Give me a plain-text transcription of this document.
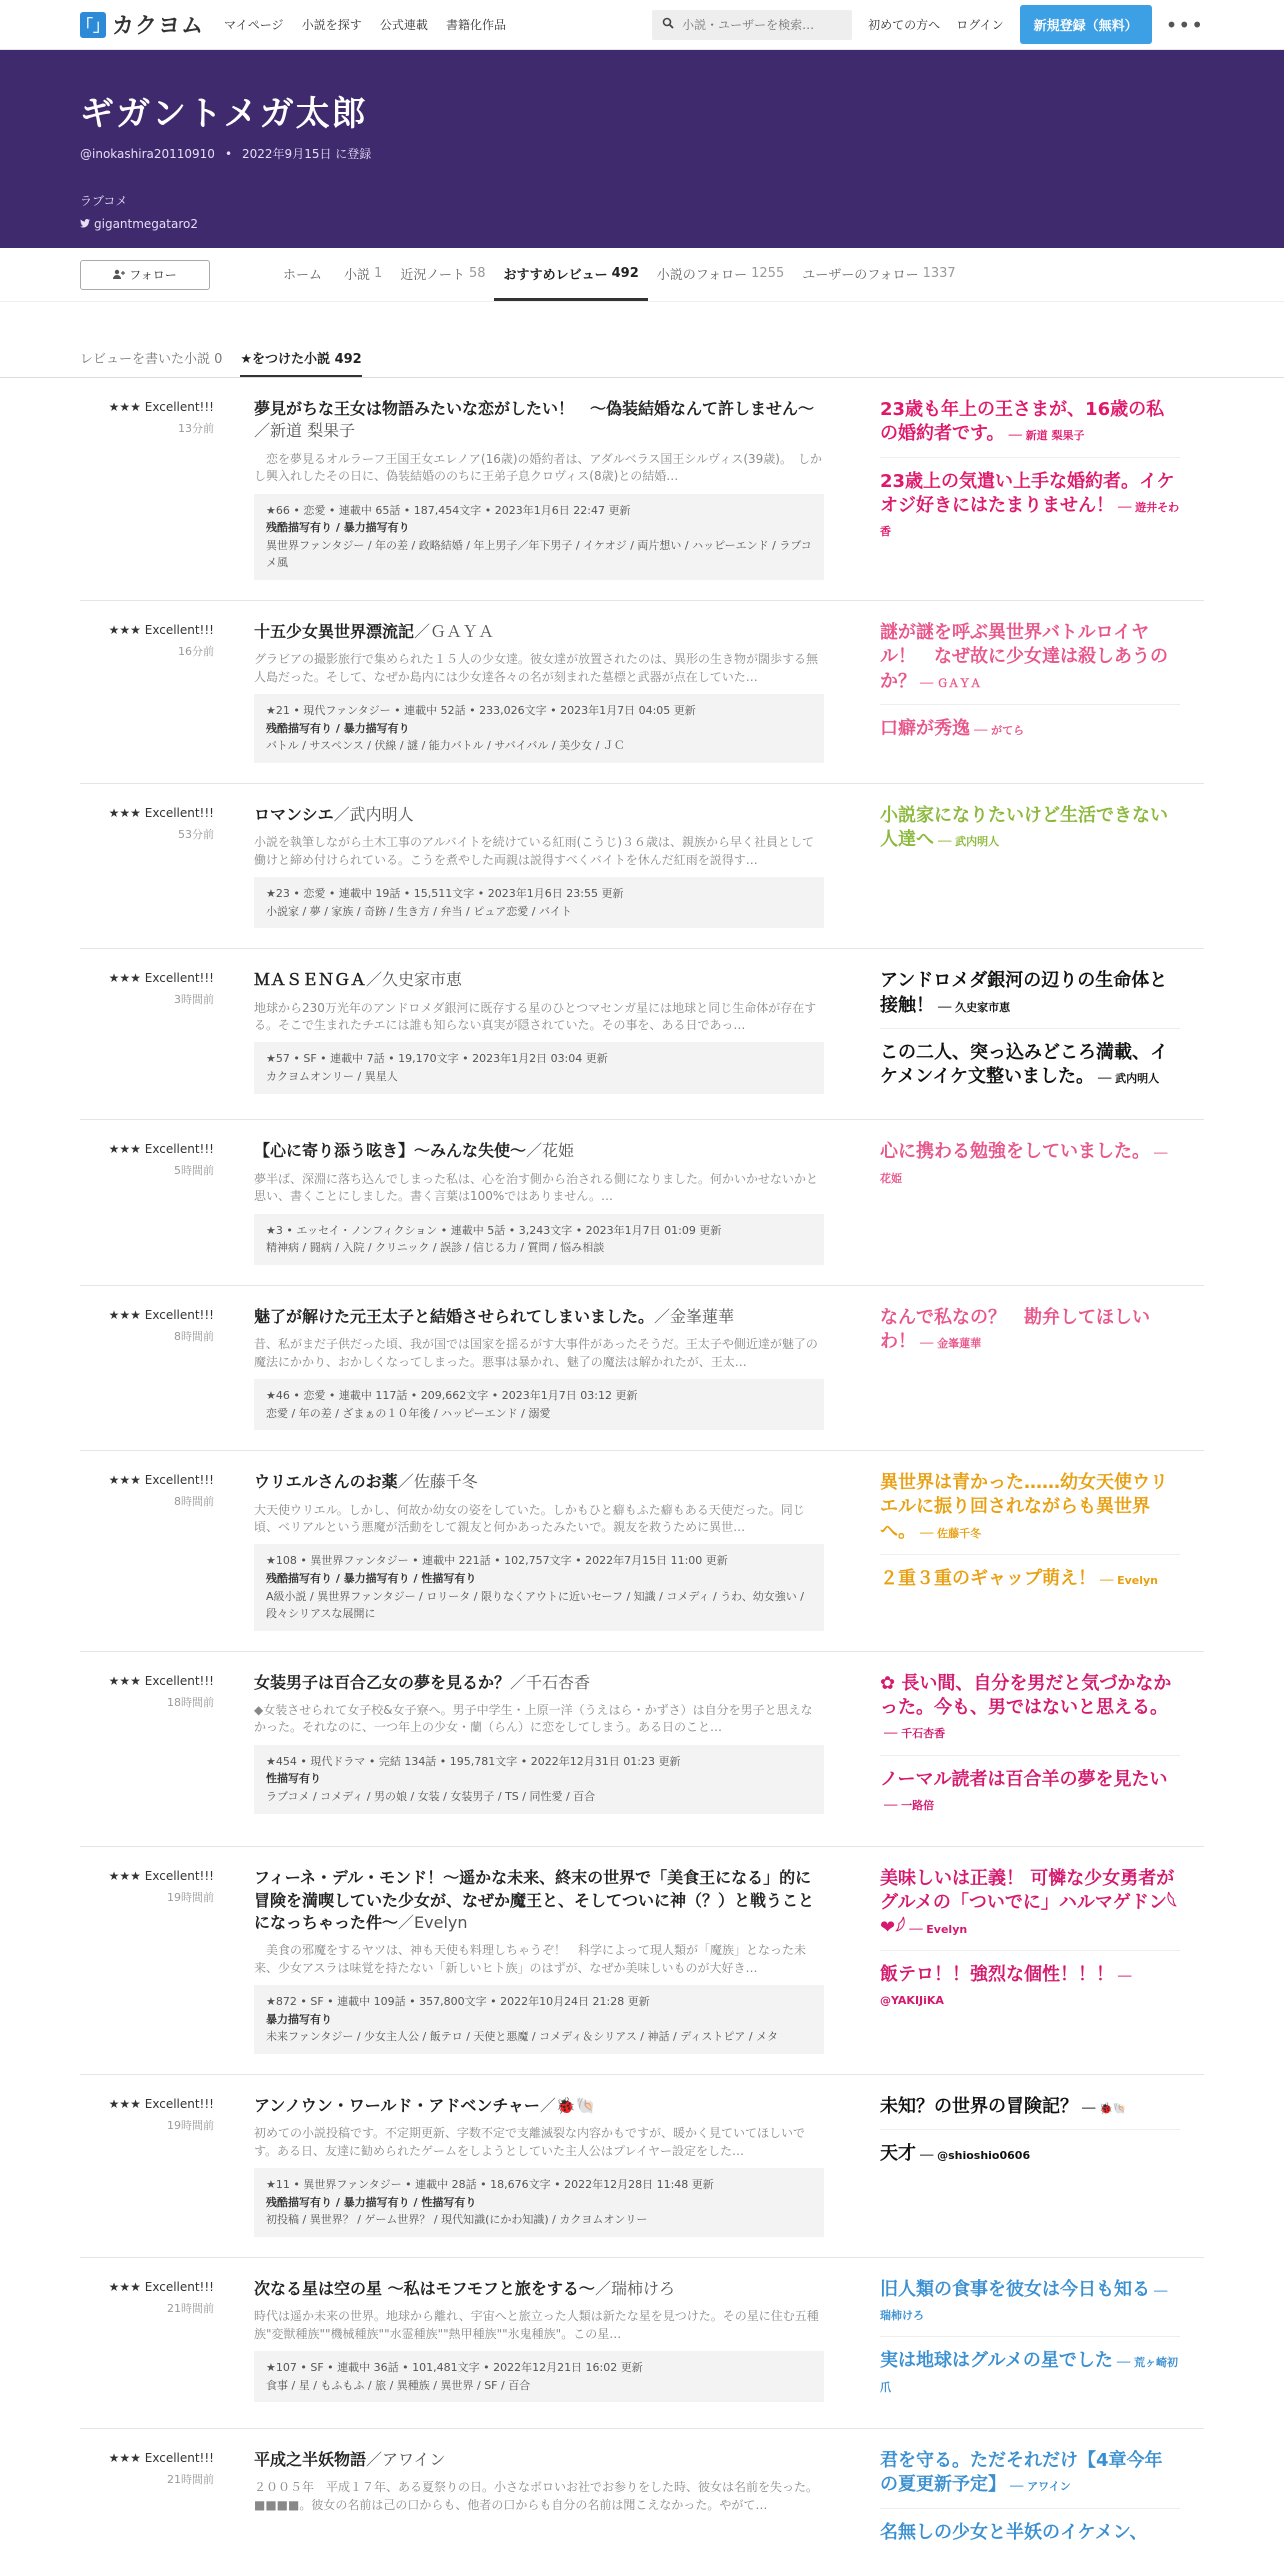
「」 カクヨム マイページ 小説を探す 公式連載 書籍化作品
小説・ユーザーを検索…	初めての方へ ログイン	新規登録（無料）	•••
ギガントメガ太郎
@inokashira20110910 • 2022年9月15日 に登録
ラブコメ
gigantmegataro2
フォロー	ホーム 小説 1 近況ノート 58 おすすめレビュー 492 小説のフォロー 1255 ユーザーのフォロー 1337
レビューを書いた小説 0 ★をつけた小説 492
★★★ Excellent!!!
13分前
夢見がちな王女は物語みたいな恋がしたい！　～偽装結婚なんて許しません～／新道 梨果子
　恋を夢見るオルラーフ王国王女エレノア(16歳)の婚約者は、アダルベラス国王シルヴィス(39歳)。　しかし興入れしたその日に、偽装結婚ののちに王弟子息クロヴィス(8歳)との結婚…
★66 • 恋愛 • 連載中 65話 • 187,454文字 • 2023年1月6日 22:47 更新
残酷描写有り / 暴力描写有り
異世界ファンタジー / 年の差 / 政略結婚 / 年上男子／年下男子 / イケオジ / 両片想い / ハッピーエンド / ラブコメ風
23歳も年上の王さまが、16歳の私の婚約者です。 ── 新道 梨果子
23歳上の気遣い上手な婚約者。イケオジ好きにはたまりません！ ── 遊井そわ香
★★★ Excellent!!!
16分前
十五少女異世界漂流記／ＧＡＹＡ
グラビアの撮影旅行で集められた１５人の少女達。彼女達が放置されたのは、異形の生き物が闊歩する無人島だった。そして、なぜか島内には少女達各々の名が刻まれた墓標と武器が点在していた…
★21 • 現代ファンタジー • 連載中 52話 • 233,026文字 • 2023年1月7日 04:05 更新
残酷描写有り / 暴力描写有り
バトル / サスペンス / 伏線 / 謎 / 能力バトル / サバイバル / 美少女 / ＪＣ
謎が謎を呼ぶ異世界バトルロイヤル！　なぜ故に少女達は殺しあうのか？ ── ＧＡＹＡ
口癖が秀逸 ── がてら
★★★ Excellent!!!
53分前
ロマンシエ／武内明人
小説を執筆しながら土木工事のアルバイトを続けている紅雨(こうじ)３６歳は、親族から早く社員として働けと締め付けられている。こうを煮やした両親は説得すべくバイトを休んだ紅雨を説得す…
★23 • 恋愛 • 連載中 19話 • 15,511文字 • 2023年1月6日 23:55 更新
小説家 / 夢 / 家族 / 奇跡 / 生き方 / 弁当 / ピュア恋愛 / バイト
小説家になりたいけど生活できない人達へ ── 武内明人
★★★ Excellent!!!
3時間前
ＭＡＳＥＮＧＡ／久史家市恵
地球から230万光年のアンドロメダ銀河に既存する星のひとつマセンガ星には地球と同じ生命体が存在する。そこで生まれたチエには誰も知らない真実が隠されていた。その事を、ある日であっ…
★57 • SF • 連載中 7話 • 19,170文字 • 2023年1月2日 03:04 更新
カクヨムオンリー / 異星人
アンドロメダ銀河の辺りの生命体と接触！ ── 久史家市恵
この二人、突っ込みどころ満載、イケメンイケ文整いました。 ── 武内明人
★★★ Excellent!!!
5時間前
【心に寄り添う呟き】～みんな失使～／花姫
夢半ば、深淵に落ち込んでしまった私は、心を治す側から治される側になりました。何かいかせないかと思い、書くことにしました。書く言葉は100%ではありません。…
★3 • エッセイ・ノンフィクション • 連載中 5話 • 3,243文字 • 2023年1月7日 01:09 更新
精神病 / 闘病 / 入院 / クリニック / 誤診 / 信じる力 / 質問 / 悩み相談
心に携わる勉強をしていました。 ── 花姫
★★★ Excellent!!!
8時間前
魅了が解けた元王太子と結婚させられてしまいました。／金峯蓮華
昔、私がまだ子供だった頃、我が国では国家を揺るがす大事件があったそうだ。王太子や側近達が魅了の魔法にかかり、おかしくなってしまった。悪事は暴かれ、魅了の魔法は解かれたが、王太…
★46 • 恋愛 • 連載中 117話 • 209,662文字 • 2023年1月7日 03:12 更新
恋愛 / 年の差 / ざまぁの１０年後 / ハッピーエンド / 溺愛
なんで私なの？　勘弁してほしいわ！ ── 金峯蓮華
★★★ Excellent!!!
8時間前
ウリエルさんのお薬／佐藤千冬
大天使ウリエル。しかし、何故か幼女の姿をしていた。しかもひと癖もふた癖もある天使だった。同じ頃、ベリアルという悪魔が活動をして親友と何かあったみたいで。親友を救うために異世…
★108 • 異世界ファンタジー • 連載中 221話 • 102,757文字 • 2022年7月15日 11:00 更新
残酷描写有り / 暴力描写有り / 性描写有り
A級小説 / 異世界ファンタジー / ロリータ / 限りなくアウトに近いセーフ / 知識 / コメディ / うわ、幼女強い / 段々シリアスな展開に
異世界は青かった……幼女天使ウリエルに振り回されながらも異世界へ。 ── 佐藤千冬
２重３重のギャップ萌え！ ── Evelyn
★★★ Excellent!!!
18時間前
女装男子は百合乙女の夢を見るか？／千石杏香
◆女装させられて女子校&女子寮へ。男子中学生・上原一洋（うえはら・かずさ）は自分を男子と思えなかった。それなのに、一つ年上の少女・蘭（らん）に恋をしてしまう。ある日のこと…
★454 • 現代ドラマ • 完結 134話 • 195,781文字 • 2022年12月31日 01:23 更新
性描写有り
ラブコメ / コメディ / 男の娘 / 女装 / 女装男子 / TS / 同性愛 / 百合
✿ 長い間、自分を男だと気づかなかった。今も、男ではないと思える。── 千石杏香
ノーマル読者は百合羊の夢を見たい── 一路倍
★★★ Excellent!!!
19時間前
フィーネ・デル・モンド！～遥かな未来、終末の世界で「美食王になる」的に冒険を満喫していた少女が、なぜか魔王と、そしてついに神（？）と戦うことになっちゃった件～／Evelyn
　美食の邪魔をするヤツは、神も天使も料理しちゃうぞ！　科学によって現人類が「魔族」となった未来、少女アスラは味覚を持たない「新しいヒト族」のはずが、なぜか美味しいものが大好き…
★872 • SF • 連載中 109話 • 357,800文字 • 2022年10月24日 21:28 更新
暴力描写有り
未来ファンタジー / 少女主人公 / 飯テロ / 天使と悪魔 / コメディ＆シリアス / 神話 / ディストピア / メタ
美味しいは正義！ 可憐な少女勇者がグルメの「ついでに」ハルマゲドン𓆩❤𓆪 ── Evelyn
飯テロ！！強烈な個性！！！ ── @YAKIJiKA
★★★ Excellent!!!
19時間前
アンノウン・ワールド・アドベンチャー／🐞🐚
初めての小説投稿です。不定期更新、字数不定で支離滅裂な内容かもですが、暖かく見ていてほしいです。ある日、友達に勧められたゲームをしようとしていた主人公はプレイヤー設定をした…
★11 • 異世界ファンタジー • 連載中 28話 • 18,676文字 • 2022年12月28日 11:48 更新
残酷描写有り / 暴力描写有り / 性描写有り
初投稿 / 異世界？ / ゲーム世界？ / 現代知識(にかわ知識) / カクヨムオンリー
未知？の世界の冒険記？ ── 🐞🐚
天才 ── @shioshio0606
★★★ Excellent!!!
21時間前
次なる星は空の星 ～私はモフモフと旅をする～／瑞柿けろ
時代は遥か未来の世界。地球から離れ、宇宙へと旅立った人類は新たな星を見つけた。その星に住む五種族"変獣種族""機械種族""水霊種族""熱甲種族""氷鬼種族"。この星…
★107 • SF • 連載中 36話 • 101,481文字 • 2022年12月21日 16:02 更新
食事 / 星 / もふもふ / 旅 / 異種族 / 異世界 / SF / 百合
旧人類の食事を彼女は今日も知る ── 瑞柿けろ
実は地球はグルメの星でした ── 荒ヶ崎初爪
★★★ Excellent!!!
21時間前
平成之半妖物語／アワイン
２００５年　平成１７年、ある夏祭りの日。小さなボロいお社でお参りをした時、彼女は名前を失った。■■■■。彼女の名前は己の口からも、他者の口からも自分の名前は聞こえなかった。やがて…
君を守る。ただそれだけ【4章今年の夏更新予定】 ── アワイン
名無しの少女と半妖のイケメン、
